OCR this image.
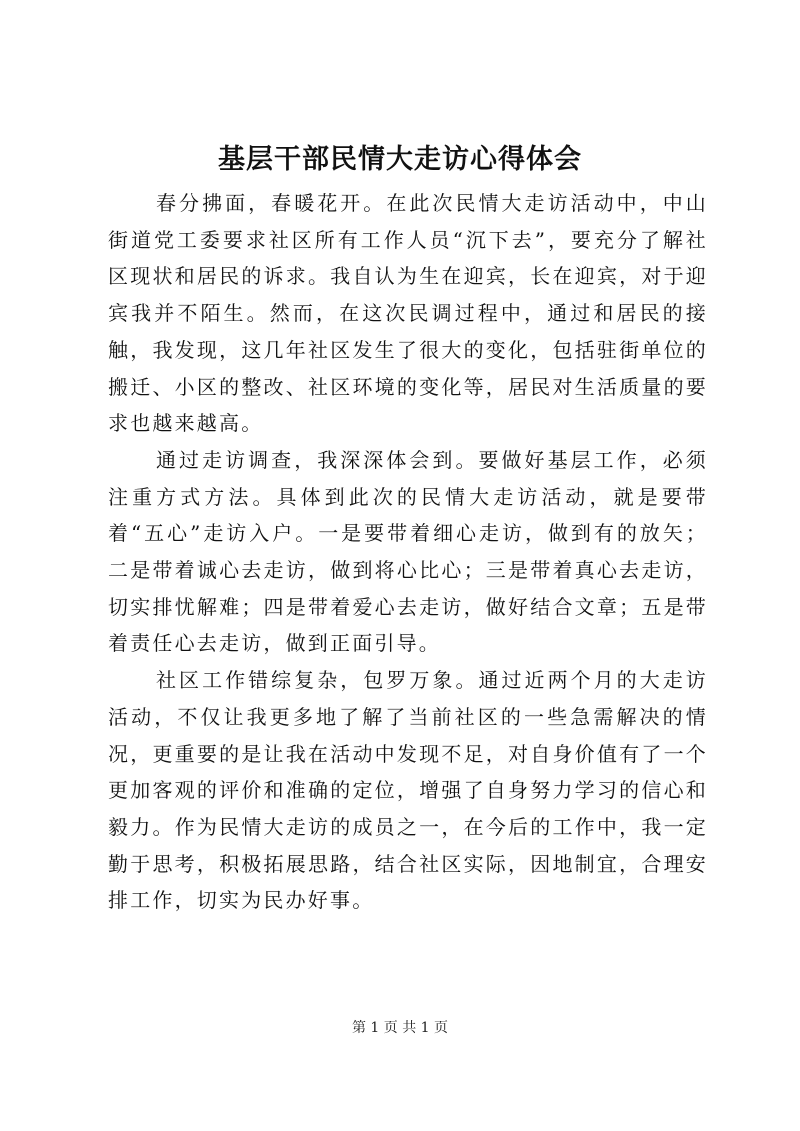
基层干部民情大走访心得体会

春分拂面，春暖花开。在此次民情大走访活动中，中山街道党工委要求社区所有工作人员“沉下去”，要充分了解社区现状和居民的诉求。我自认为生在迎宾，长在迎宾，对于迎宾我并不陌生。然而，在这次民调过程中，通过和居民的接触，我发现，这几年社区发生了很大的变化，包括驻街单位的搬迁、小区的整改、社区环境的变化等，居民对生活质量的要求也越来越高。

通过走访调查，我深深体会到。要做好基层工作，必须注重方式方法。具体到此次的民情大走访活动，就是要带着“五心”走访入户。一是要带着细心走访，做到有的放矢；二是带着诚心去走访，做到将心比心；三是带着真心去走访，切实排忧解难；四是带着爱心去走访，做好结合文章；五是带着责任心去走访，做到正面引导。

社区工作错综复杂，包罗万象。通过近两个月的大走访活动，不仅让我更多地了解了当前社区的一些急需解决的情况，更重要的是让我在活动中发现不足，对自身价值有了一个更加客观的评价和准确的定位，增强了自身努力学习的信心和毅力。作为民情大走访的成员之一，在今后的工作中，我一定勤于思考，积极拓展思路，结合社区实际，因地制宜，合理安排工作，切实为民办好事。

第 1 页 共 1 页
